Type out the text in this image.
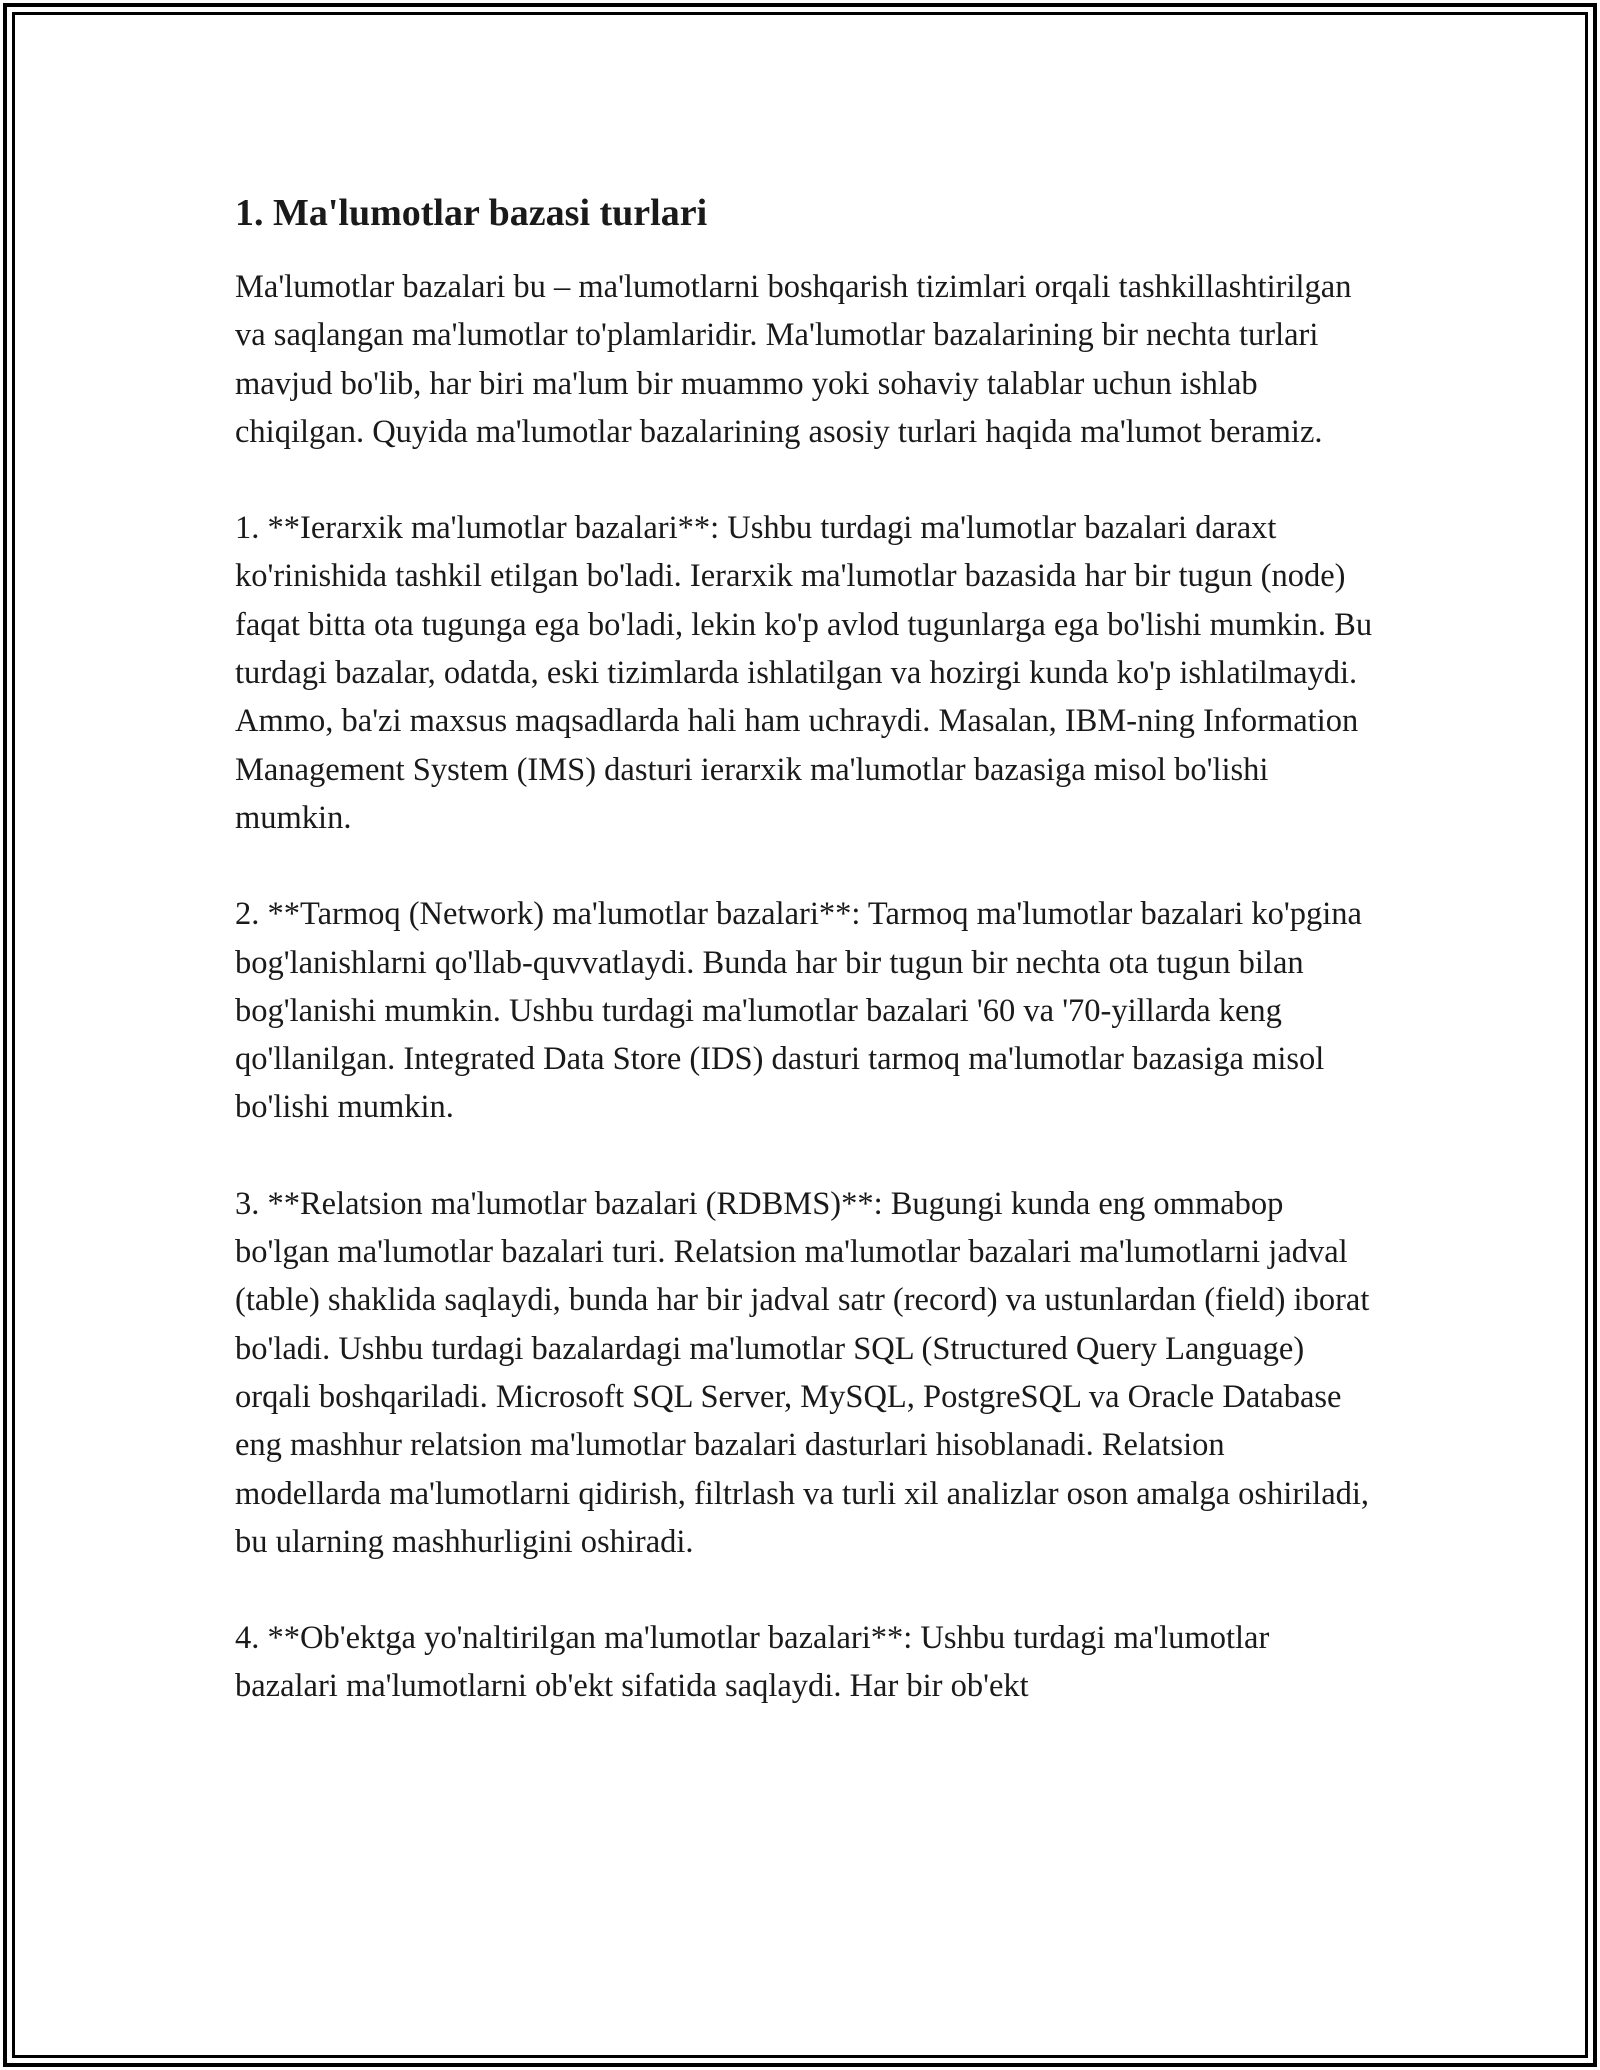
1. Ma'lumotlar bazasi turlari

Ma'lumotlar bazalari bu – ma'lumotlarni boshqarish tizimlari orqali tashkillashtirilgan va saqlangan ma'lumotlar to'plamlaridir. Ma'lumotlar bazalarining bir nechta turlari mavjud bo'lib, har biri ma'lum bir muammo yoki sohaviy talablar uchun ishlab chiqilgan. Quyida ma'lumotlar bazalarining asosiy turlari haqida ma'lumot beramiz.

1. **Ierarxik ma'lumotlar bazalari**: Ushbu turdagi ma'lumotlar bazalari daraxt ko'rinishida tashkil etilgan bo'ladi. Ierarxik ma'lumotlar bazasida har bir tugun (node) faqat bitta ota tugunga ega bo'ladi, lekin ko'p avlod tugunlarga ega bo'lishi mumkin. Bu turdagi bazalar, odatda, eski tizimlarda ishlatilgan va hozirgi kunda ko'p ishlatilmaydi. Ammo, ba'zi maxsus maqsadlarda hali ham uchraydi. Masalan, IBM-ning Information Management System (IMS) dasturi ierarxik ma'lumotlar bazasiga misol bo'lishi mumkin.

2. **Tarmoq (Network) ma'lumotlar bazalari**: Tarmoq ma'lumotlar bazalari ko'pgina bog'lanishlarni qo'llab-quvvatlaydi. Bunda har bir tugun bir nechta ota tugun bilan bog'lanishi mumkin. Ushbu turdagi ma'lumotlar bazalari '60 va '70-yillarda keng qo'llanilgan. Integrated Data Store (IDS) dasturi tarmoq ma'lumotlar bazasiga misol bo'lishi mumkin.

3. **Relatsion ma'lumotlar bazalari (RDBMS)**: Bugungi kunda eng ommabop bo'lgan ma'lumotlar bazalari turi. Relatsion ma'lumotlar bazalari ma'lumotlarni jadval (table) shaklida saqlaydi, bunda har bir jadval satr (record) va ustunlardan (field) iborat bo'ladi. Ushbu turdagi bazalardagi ma'lumotlar SQL (Structured Query Language) orqali boshqariladi. Microsoft SQL Server, MySQL, PostgreSQL va Oracle Database eng mashhur relatsion ma'lumotlar bazalari dasturlari hisoblanadi. Relatsion modellarda ma'lumotlarni qidirish, filtrlash va turli xil analizlar oson amalga oshiriladi, bu ularning mashhurligini oshiradi.

4. **Ob'ektga yo'naltirilgan ma'lumotlar bazalari**: Ushbu turdagi ma'lumotlar bazalari ma'lumotlarni ob'ekt sifatida saqlaydi. Har bir ob'ekt
